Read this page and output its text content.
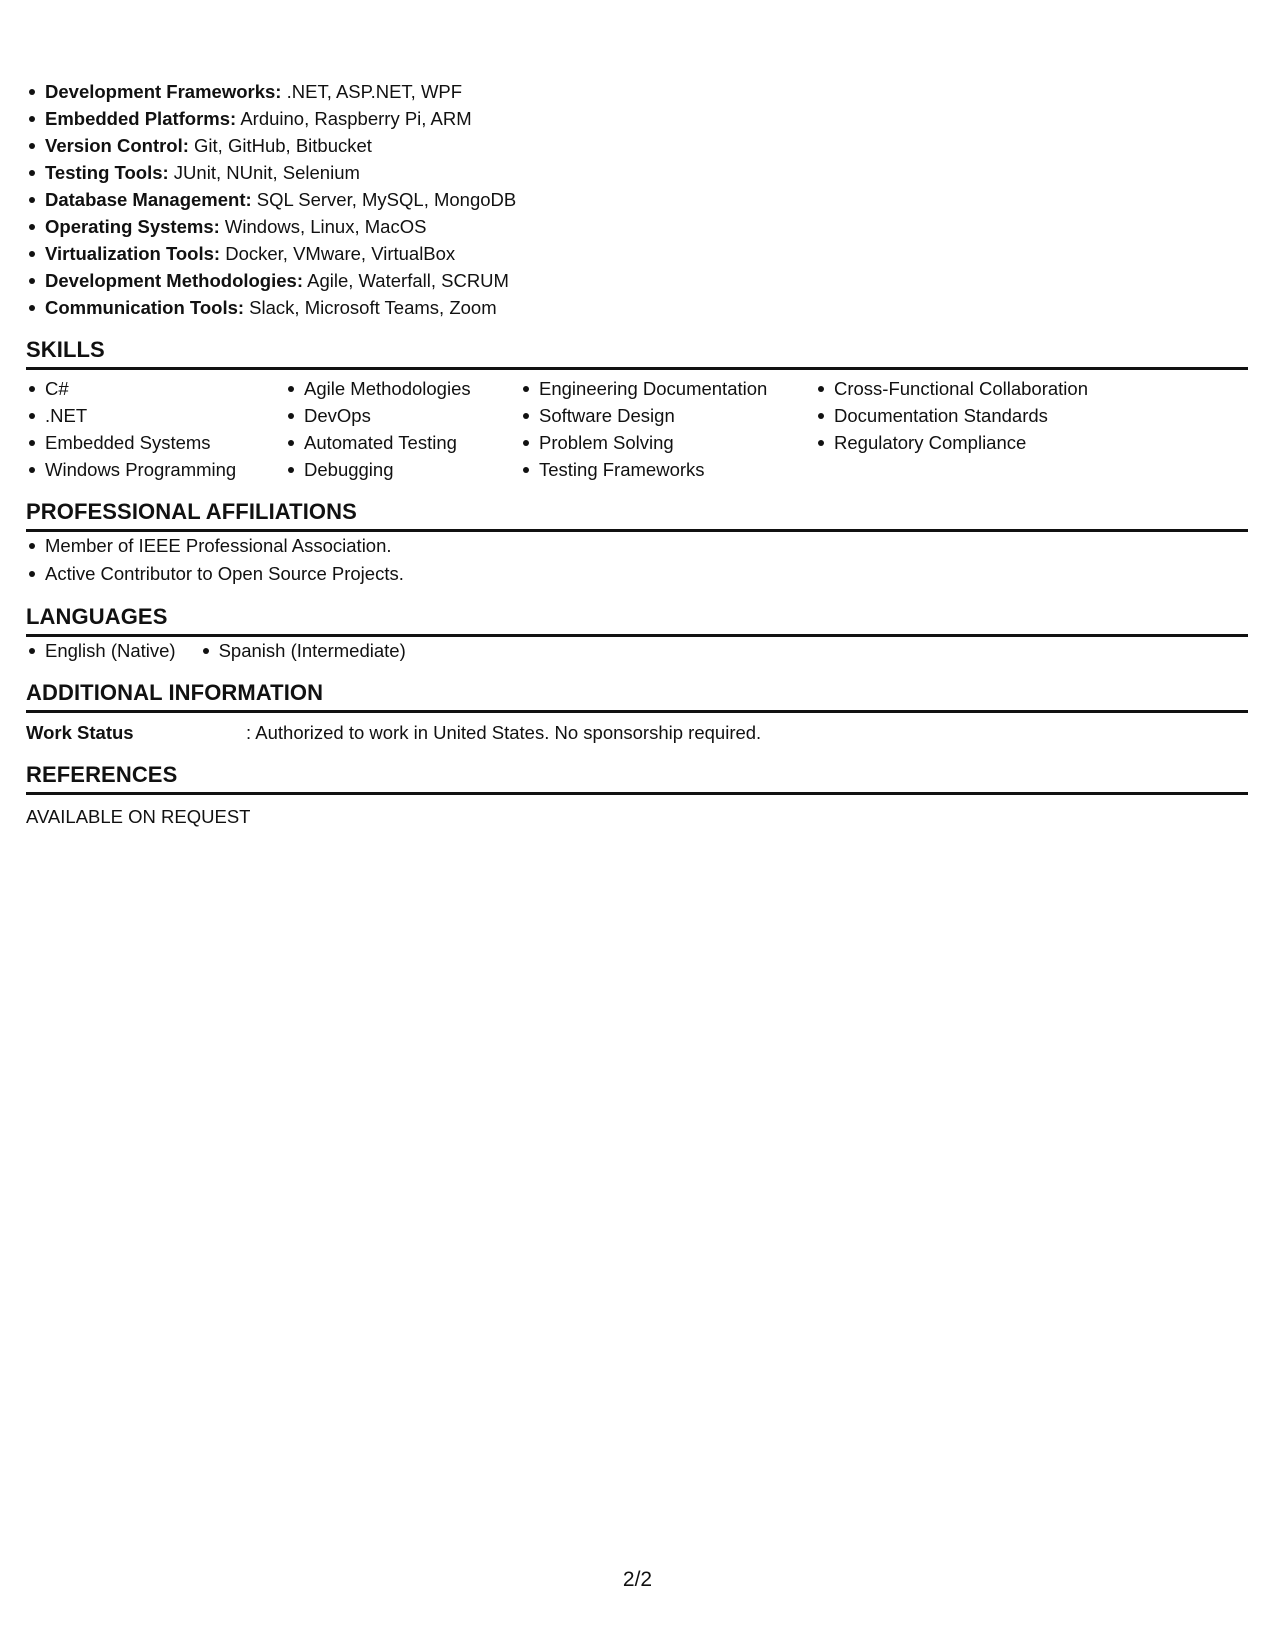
Development Frameworks: .NET, ASP.NET, WPF
Embedded Platforms: Arduino, Raspberry Pi, ARM
Version Control: Git, GitHub, Bitbucket
Testing Tools: JUnit, NUnit, Selenium
Database Management: SQL Server, MySQL, MongoDB
Operating Systems: Windows, Linux, MacOS
Virtualization Tools: Docker, VMware, VirtualBox
Development Methodologies: Agile, Waterfall, SCRUM
Communication Tools: Slack, Microsoft Teams, Zoom
SKILLS
C#
.NET
Embedded Systems
Windows Programming
Agile Methodologies
DevOps
Automated Testing
Debugging
Engineering Documentation
Software Design
Problem Solving
Testing Frameworks
Cross-Functional Collaboration
Documentation Standards
Regulatory Compliance
PROFESSIONAL AFFILIATIONS
Member of IEEE Professional Association.
Active Contributor to Open Source Projects.
LANGUAGES
English (Native) Spanish (Intermediate)
ADDITIONAL INFORMATION
Work Status	: Authorized to work in United States. No sponsorship required.
REFERENCES
AVAILABLE ON REQUEST
2/2
